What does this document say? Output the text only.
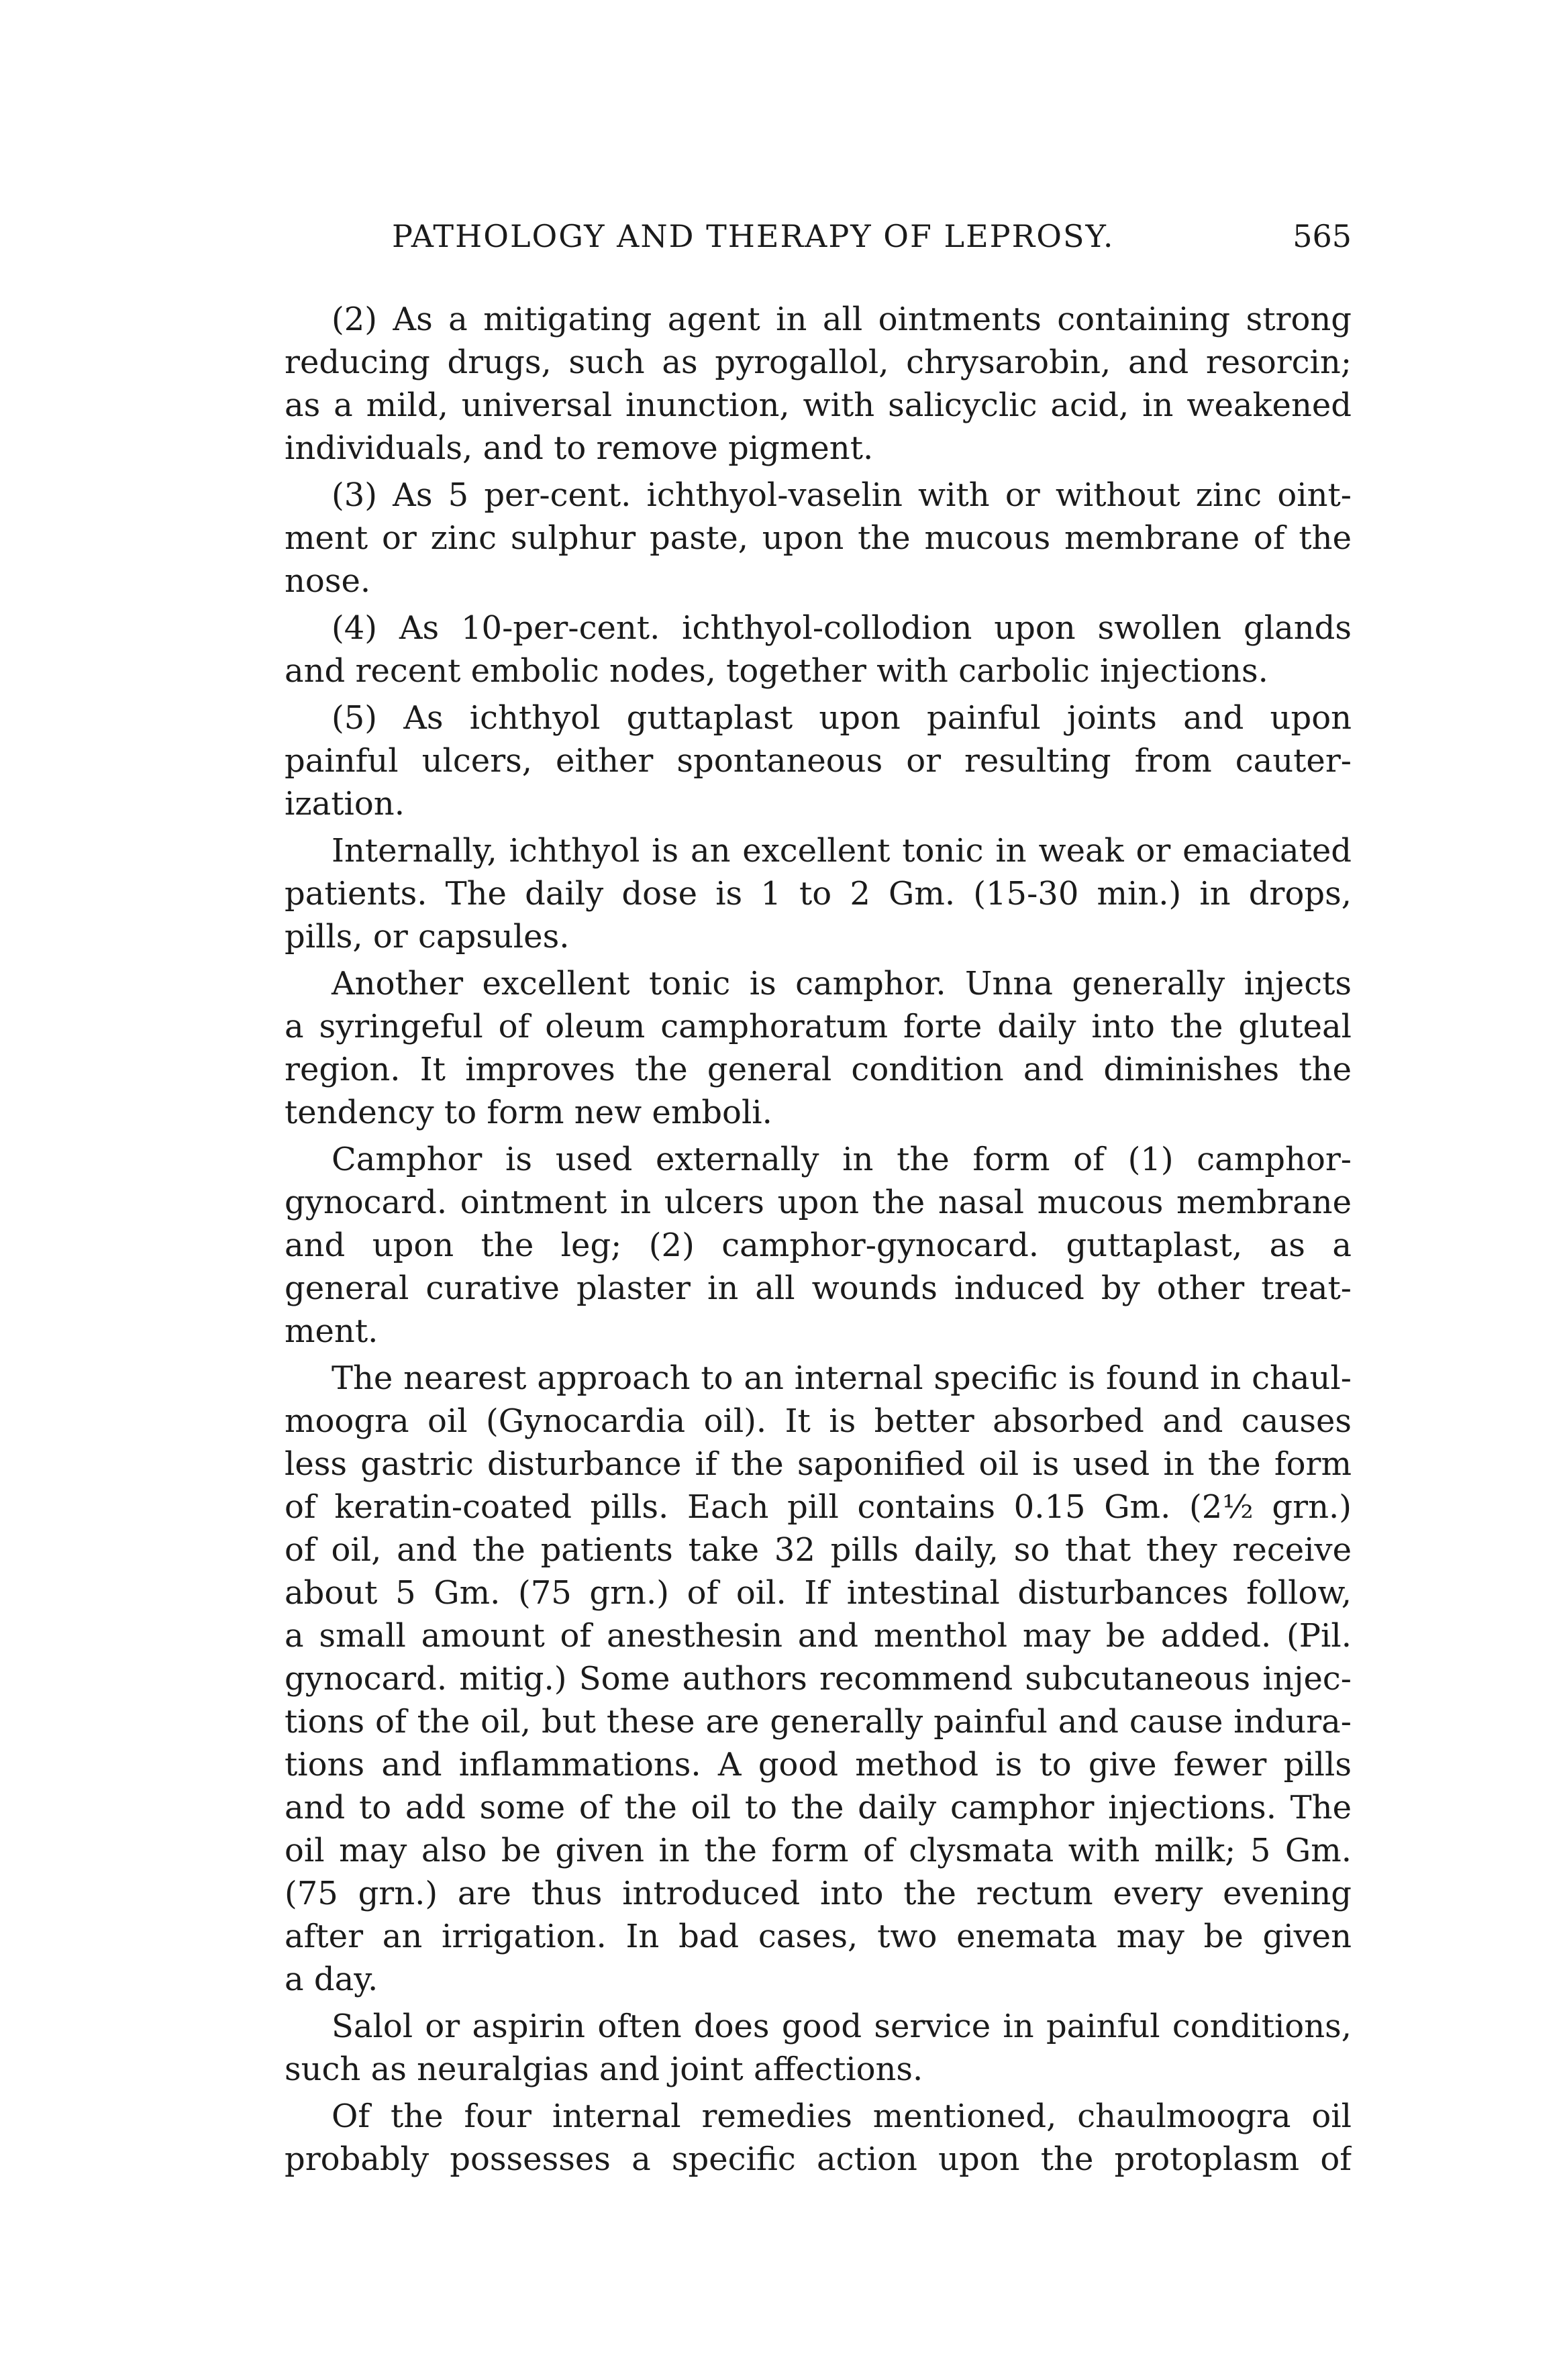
PATHOLOGY AND THERAPY OF LEPROSY.	565
(2) As a mitigating agent in all ointments containing strong
reducing drugs, such as pyrogallol, chrysarobin, and resorcin;
as a mild, universal inunction, with salicyclic acid, in weakened
individuals, and to remove pigment.
(3) As 5 per-cent. ichthyol-vaselin with or without zinc oint-
ment or zinc sulphur paste, upon the mucous membrane of the
nose.
(4) As 10-per-cent. ichthyol-collodion upon swollen glands
and recent embolic nodes, together with carbolic injections.
(5) As ichthyol guttaplast upon painful joints and upon
painful ulcers, either spontaneous or resulting from cauter-
ization.
Internally, ichthyol is an excellent tonic in weak or emaciated
patients. The daily dose is 1 to 2 Gm. (15-30 min.) in drops,
pills, or capsules.
Another excellent tonic is camphor. Unna generally injects
a syringeful of oleum camphoratum forte daily into the gluteal
region. It improves the general condition and diminishes the
tendency to form new emboli.
Camphor is used externally in the form of (1) camphor-
gynocard. ointment in ulcers upon the nasal mucous membrane
and upon the leg; (2) camphor-gynocard. guttaplast, as a
general curative plaster in all wounds induced by other treat-
ment.
The nearest approach to an internal specific is found in chaul-
moogra oil (Gynocardia oil). It is better absorbed and causes
less gastric disturbance if the saponified oil is used in the form
of keratin-coated pills. Each pill contains 0.15 Gm. (2½ grn.)
of oil, and the patients take 32 pills daily, so that they receive
about 5 Gm. (75 grn.) of oil. If intestinal disturbances follow,
a small amount of anesthesin and menthol may be added. (Pil.
gynocard. mitig.) Some authors recommend subcutaneous injec-
tions of the oil, but these are generally painful and cause indura-
tions and inflammations. A good method is to give fewer pills
and to add some of the oil to the daily camphor injections. The
oil may also be given in the form of clysmata with milk; 5 Gm.
(75 grn.) are thus introduced into the rectum every evening
after an irrigation. In bad cases, two enemata may be given
a day.
Salol or aspirin often does good service in painful conditions,
such as neuralgias and joint affections.
Of the four internal remedies mentioned, chaulmoogra oil
probably possesses a specific action upon the protoplasm of
